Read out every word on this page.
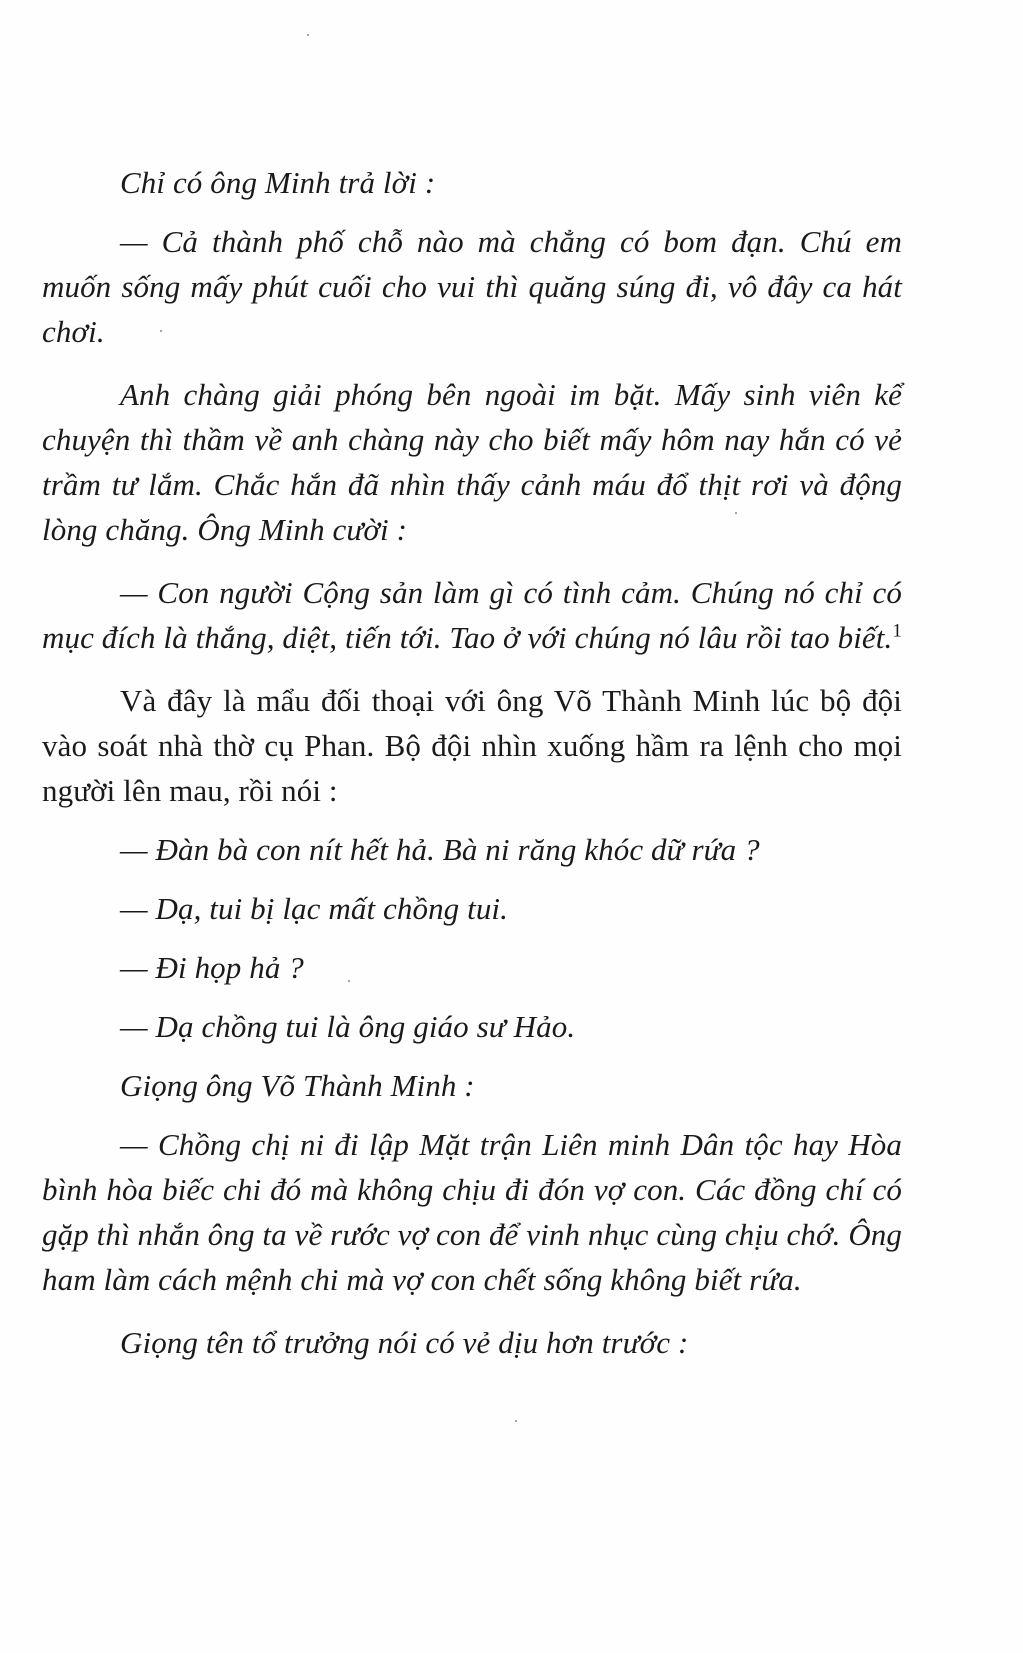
Chỉ có ông Minh trả lời :

— Cả thành phố chỗ nào mà chẳng có bom đạn. Chú em muốn sống mấy phút cuối cho vui thì quăng súng đi, vô đây ca hát chơi.

Anh chàng giải phóng bên ngoài im bặt. Mấy sinh viên kể chuyện thì thầm về anh chàng này cho biết mấy hôm nay hắn có vẻ trầm tư lắm. Chắc hắn đã nhìn thấy cảnh máu đổ thịt rơi và động lòng chăng. Ông Minh cười :

— Con người Cộng sản làm gì có tình cảm. Chúng nó chỉ có mục đích là thắng, diệt, tiến tới. Tao ở với chúng nó lâu rồi tao biết.$^1$

Và đây là mẩu đối thoại với ông Võ Thành Minh lúc bộ đội vào soát nhà thờ cụ Phan. Bộ đội nhìn xuống hầm ra lệnh cho mọi người lên mau, rồi nói :

— Đàn bà con nít hết hả. Bà ni răng khóc dữ rứa ?

— Dạ, tui bị lạc mất chồng tui.

— Đi họp hả ?

— Dạ chồng tui là ông giáo sư Hảo.

Giọng ông Võ Thành Minh :

— Chồng chị ni đi lập Mặt trận Liên minh Dân tộc hay Hòa bình hòa biếc chi đó mà không chịu đi đón vợ con. Các đồng chí có gặp thì nhắn ông ta về rước vợ con để vinh nhục cùng chịu chớ. Ông ham làm cách mệnh chi mà vợ con chết sống không biết rứa.

Giọng tên tổ trưởng nói có vẻ dịu hơn trước :
